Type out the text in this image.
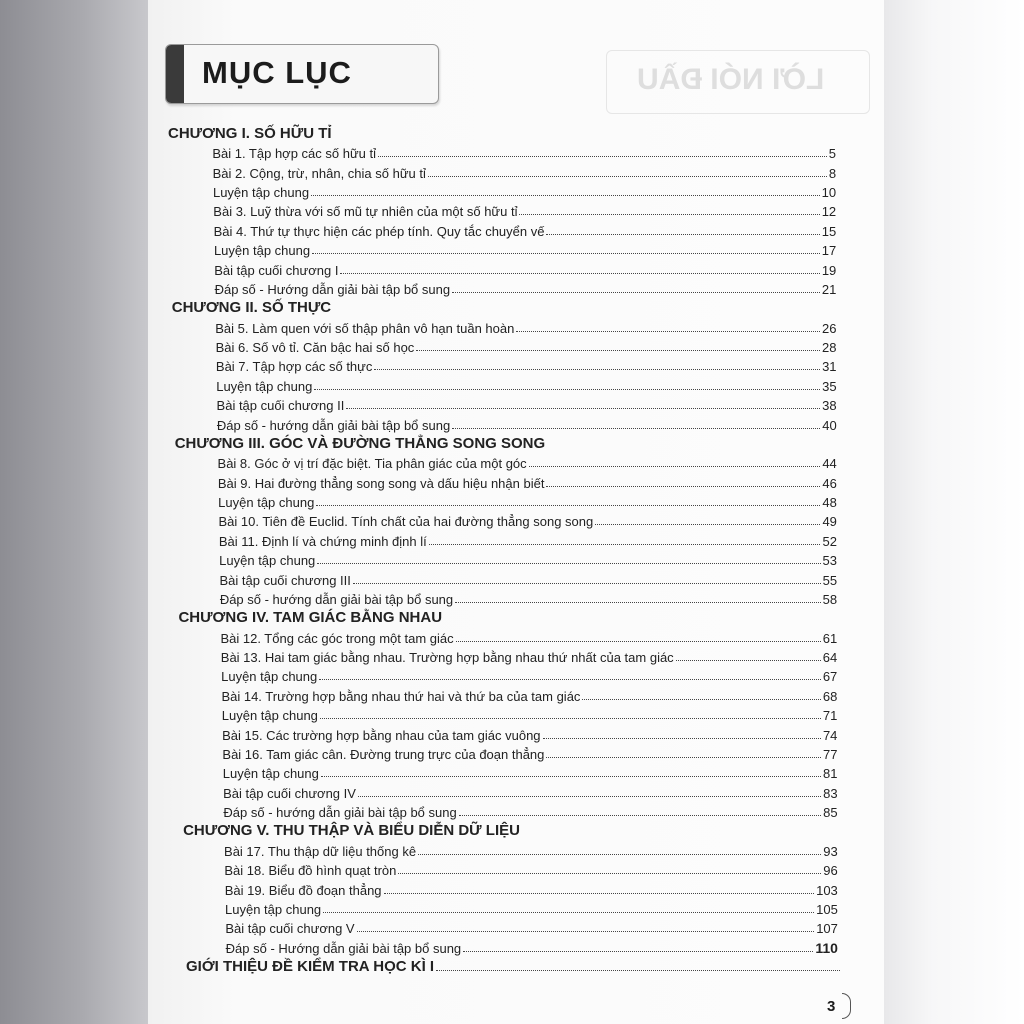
LỜI NÓI ĐẦU
MỤC LỤC
CHƯƠNG I. SỐ HỮU TỈ
Bài 1. Tập hợp các số hữu tỉ	5
Bài 2. Cộng, trừ, nhân, chia số hữu tỉ	8
Luyện tập chung	10
Bài 3. Luỹ thừa với số mũ tự nhiên của một số hữu tỉ	12
Bài 4. Thứ tự thực hiện các phép tính. Quy tắc chuyển vế	15
Luyện tập chung	17
Bài tập cuối chương I	19
Đáp số - Hướng dẫn giải bài tập bổ sung	21
CHƯƠNG II. SỐ THỰC
Bài 5. Làm quen với số thập phân vô hạn tuần hoàn	26
Bài 6. Số vô tỉ. Căn bậc hai số học	28
Bài 7. Tập hợp các số thực	31
Luyện tập chung	35
Bài tập cuối chương II	38
Đáp số - hướng dẫn giải bài tập bổ sung	40
CHƯƠNG III. GÓC VÀ ĐƯỜNG THẲNG SONG SONG
Bài 8. Góc ở vị trí đặc biệt. Tia phân giác của một góc	44
Bài 9. Hai đường thẳng song song và dấu hiệu nhận biết	46
Luyện tập chung	48
Bài 10. Tiên đề Euclid. Tính chất của hai đường thẳng song song	49
Bài 11. Định lí và chứng minh định lí	52
Luyện tập chung	53
Bài tập cuối chương III	55
Đáp số - hướng dẫn giải bài tập bổ sung	58
CHƯƠNG IV. TAM GIÁC BẰNG NHAU
Bài 12. Tổng các góc trong một tam giác	61
Bài 13. Hai tam giác bằng nhau. Trường hợp bằng nhau thứ nhất của tam giác	64
Luyện tập chung	67
Bài 14. Trường hợp bằng nhau thứ hai và thứ ba của tam giác	68
Luyện tập chung	71
Bài 15. Các trường hợp bằng nhau của tam giác vuông	74
Bài 16. Tam giác cân. Đường trung trực của đoạn thẳng	77
Luyện tập chung	81
Bài tập cuối chương IV	83
Đáp số - hướng dẫn giải bài tập bổ sung	85
CHƯƠNG V. THU THẬP VÀ BIỂU DIỄN DỮ LIỆU
Bài 17. Thu thập dữ liệu thống kê	93
Bài 18. Biểu đồ hình quạt tròn	96
Bài 19. Biểu đồ đoạn thẳng	103
Luyện tập chung	105
Bài tập cuối chương V	107
Đáp số - Hướng dẫn giải bài tập bổ sung	110
GIỚI THIỆU ĐỀ KIỂM TRA HỌC KÌ I
3
